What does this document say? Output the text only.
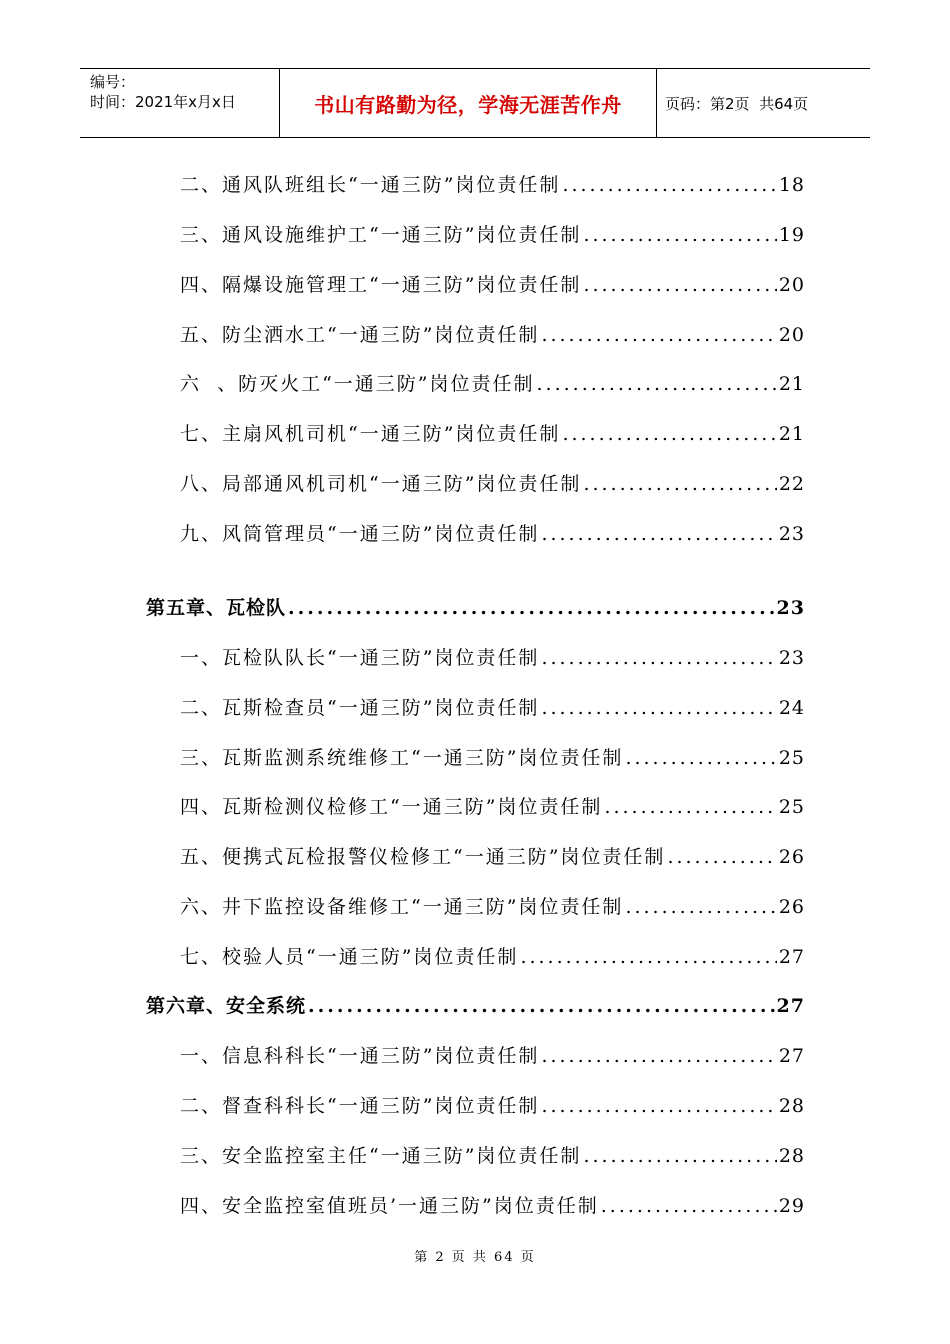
编号：
时间：2021年x月x日	书山有路勤为径，学海无涯苦作舟	页码：第2页  共64页
二、通风队班组长“一通三防”岗位责任制 .....	18
三、通风设施维护工“一通三防”岗位责任制 .....	19
四、隔爆设施管理工“一通三防”岗位责任制 .....	20
五、防尘洒水工“一通三防”岗位责任制 .....	20
六  、防灭火工“一通三防”岗位责任制 .....	21
七、主扇风机司机“一通三防”岗位责任制 .....	21
八、局部通风机司机“一通三防”岗位责任制 .....	22
九、风筒管理员“一通三防”岗位责任制 .....	23
第五章、瓦检队 .....	23
一、瓦检队队长“一通三防”岗位责任制 .....	23
二、瓦斯检查员“一通三防”岗位责任制 .....	24
三、瓦斯监测系统维修工“一通三防”岗位责任制 .....	25
四、瓦斯检测仪检修工“一通三防”岗位责任制 .....	25
五、便携式瓦检报警仪检修工“一通三防”岗位责任制 .....	26
六、井下监控设备维修工“一通三防”岗位责任制 .....	26
七、校验人员“一通三防”岗位责任制 .....	27
第六章、安全系统 .....	27
一、信息科科长“一通三防”岗位责任制 .....	27
二、督查科科长“一通三防”岗位责任制 .....	28
三、安全监控室主任“一通三防”岗位责任制 .....	28
四、安全监控室值班员’一通三防”岗位责任制 .....	29
第 2 页 共 64 页
